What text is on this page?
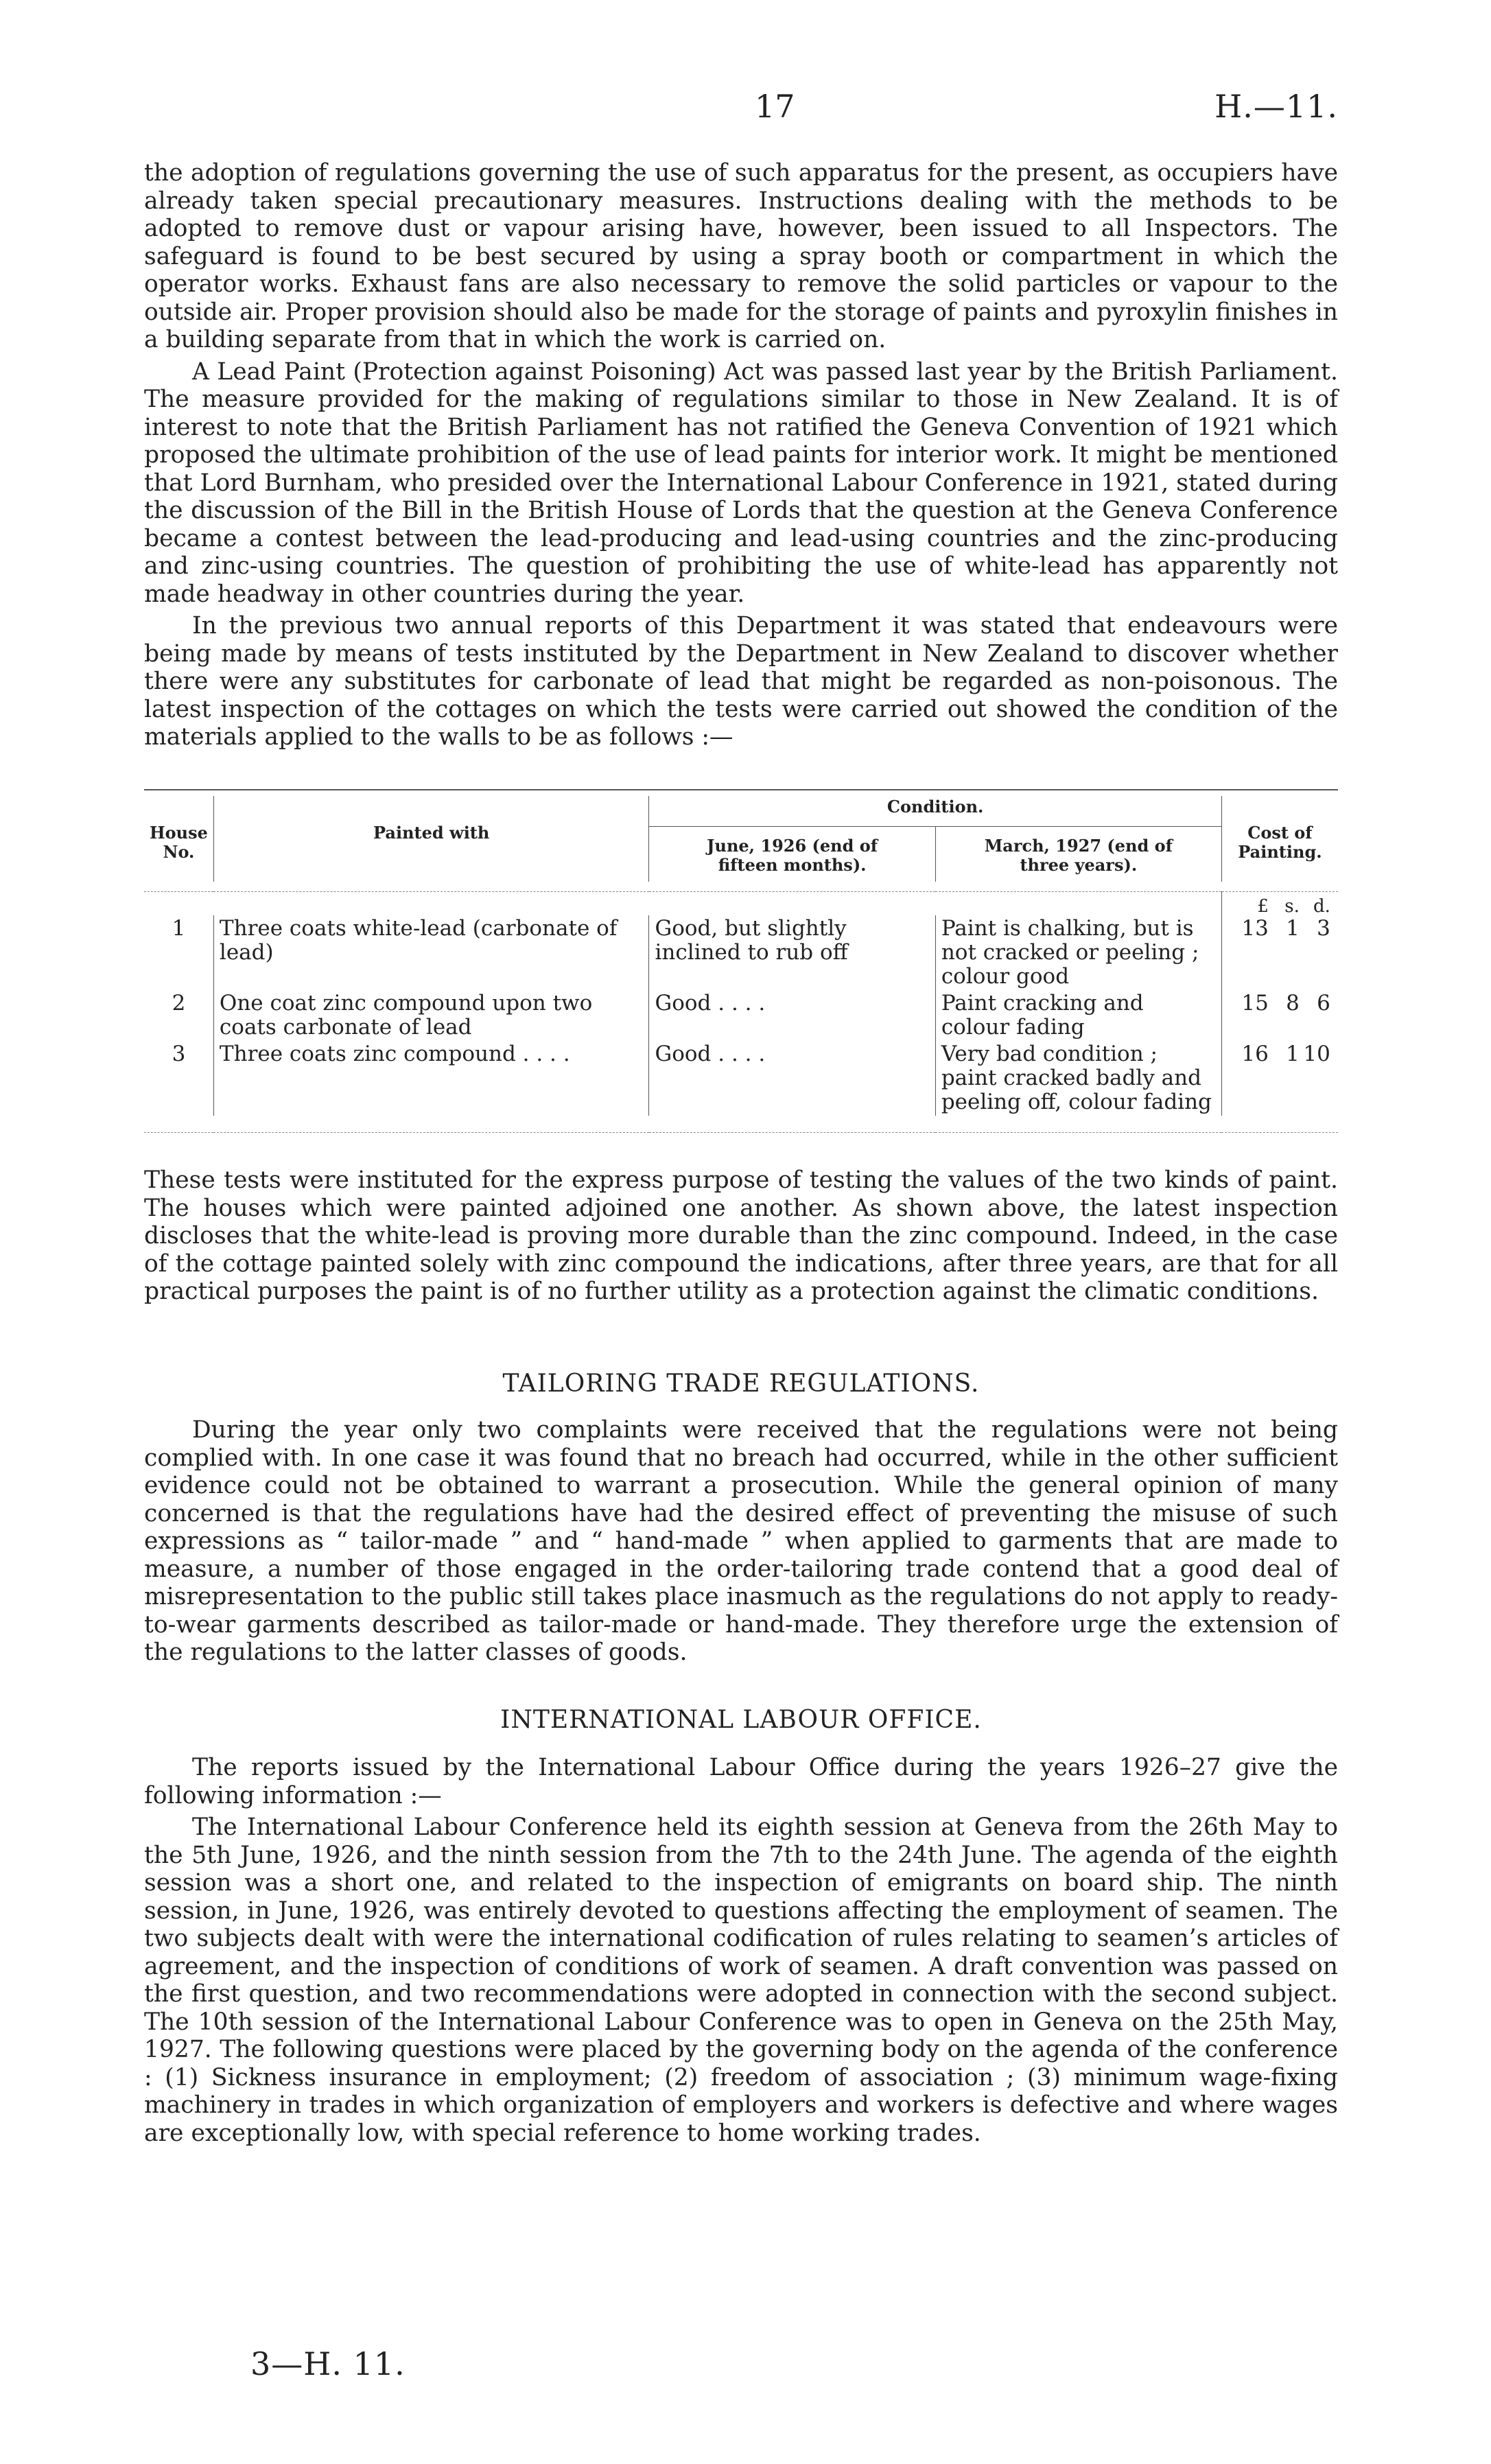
17	H.—11.

the adoption of regulations governing the use of such apparatus for the present, as occupiers have already taken special precautionary measures. Instructions dealing with the methods to be adopted to remove dust or vapour arising have, however, been issued to all Inspectors. The safeguard is found to be best secured by using a spray booth or compartment in which the operator works. Exhaust fans are also necessary to remove the solid particles or vapour to the outside air. Proper provision should also be made for the storage of paints and pyroxylin finishes in a building separate from that in which the work is carried on.

A Lead Paint (Protection against Poisoning) Act was passed last year by the British Parliament. The measure provided for the making of regulations similar to those in New Zealand. It is of interest to note that the British Parliament has not ratified the Geneva Convention of 1921 which proposed the ultimate prohibition of the use of lead paints for interior work. It might be mentioned that Lord Burnham, who presided over the International Labour Conference in 1921, stated during the discussion of the Bill in the British House of Lords that the question at the Geneva Conference became a contest between the lead-producing and lead-using countries and the zinc-producing and zinc-using countries. The question of prohibiting the use of white-lead has apparently not made headway in other countries during the year.

In the previous two annual reports of this Department it was stated that endeavours were being made by means of tests instituted by the Department in New Zealand to discover whether there were any substitutes for carbonate of lead that might be regarded as non-poisonous. The latest inspection of the cottages on which the tests were carried out showed the condition of the materials applied to the walls to be as follows :—

House No.	Painted with	Condition.		Cost of Painting.
		June, 1926 (end of fifteen months).	March, 1927 (end of three years).	

				£ s. d.
1	Three coats white-lead (carbonate of lead)	Good, but slightly inclined to rub off	Paint is chalking, but is not cracked or peeling ; colour good	13 1 3
2	One coat zinc compound upon two coats carbonate of lead	Good . . . .	Paint cracking and colour fading	15 8 6
3	Three coats zinc compound . . . .	Good . . . .	Very bad condition ; paint cracked badly and peeling off, colour fading	16 1 10

These tests were instituted for the express purpose of testing the values of the two kinds of paint. The houses which were painted adjoined one another. As shown above, the latest inspection discloses that the white-lead is proving more durable than the zinc compound. Indeed, in the case of the cottage painted solely with zinc compound the indications, after three years, are that for all practical purposes the paint is of no further utility as a protection against the climatic conditions.

TAILORING TRADE REGULATIONS.

During the year only two complaints were received that the regulations were not being complied with. In one case it was found that no breach had occurred, while in the other sufficient evidence could not be obtained to warrant a prosecution. While the general opinion of many concerned is that the regulations have had the desired effect of preventing the misuse of such expressions as “ tailor-made ” and “ hand-made ” when applied to garments that are made to measure, a number of those engaged in the order-tailoring trade contend that a good deal of misrepresentation to the public still takes place inasmuch as the regulations do not apply to ready-to-wear garments described as tailor-made or hand-made. They therefore urge the extension of the regulations to the latter classes of goods.

INTERNATIONAL LABOUR OFFICE.

The reports issued by the International Labour Office during the years 1926–27 give the following information :—

The International Labour Conference held its eighth session at Geneva from the 26th May to the 5th June, 1926, and the ninth session from the 7th to the 24th June. The agenda of the eighth session was a short one, and related to the inspection of emigrants on board ship. The ninth session, in June, 1926, was entirely devoted to questions affecting the employment of seamen. The two subjects dealt with were the international codification of rules relating to seamen’s articles of agreement, and the inspection of conditions of work of seamen. A draft convention was passed on the first question, and two recommendations were adopted in connection with the second subject. The 10th session of the International Labour Conference was to open in Geneva on the 25th May, 1927. The following questions were placed by the governing body on the agenda of the conference : (1) Sickness insurance in employment; (2) freedom of association ; (3) minimum wage-fixing machinery in trades in which organization of employers and workers is defective and where wages are exceptionally low, with special reference to home working trades.

3—H. 11.
